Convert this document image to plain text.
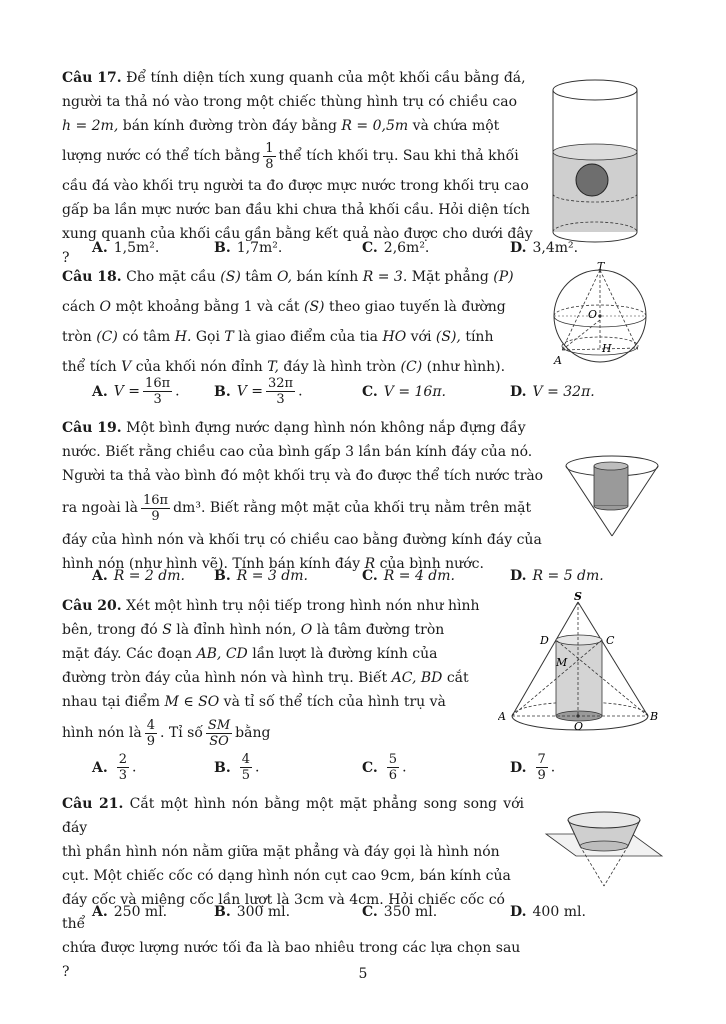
Câu 17. Để tính diện tích xung quanh của một khối cầu bằng đá,
người ta thả nó vào trong một chiếc thùng hình trụ có chiều cao
h = 2m, bán kính đường tròn đáy bằng R = 0,5m và chứa một
lượng nước có thể tích bằng $\frac{1}{8}$ thể tích khối trụ. Sau khi thả khối
cầu đá vào khối trụ người ta đo được mực nước trong khối trụ cao
gấp ba lần mực nước ban đầu khi chưa thả khối cầu. Hỏi diện tích
xung quanh của khối cầu gần bằng kết quả nào được cho dưới đây ?
A. 1,5m².	B. 1,7m².	C. 2,6m².	D. 3,4m².
Câu 18. Cho mặt cầu (S) tâm O, bán kính R = 3. Mặt phẳng (P)
cách O một khoảng bằng 1 và cắt (S) theo giao tuyến là đường
tròn (C) có tâm H. Gọi T là giao điểm của tia HO với (S), tính
thể tích V của khối nón đỉnh T, đáy là hình tròn (C) (như hình).
A. $V = \frac{16\pi}{3}$ . B. $V = \frac{32\pi}{3}$ .	C. V = 16π.	D. V = 32π.
T
O
H
A
Câu 19. Một bình đựng nước dạng hình nón không nắp đựng đầy
nước. Biết rằng chiều cao của bình gấp 3 lần bán kính đáy của nó.
Người ta thả vào bình đó một khối trụ và đo được thể tích nước trào
ra ngoài là $\frac{16\pi}{9} dm^3$. Biết rằng một mặt của khối trụ nằm trên mặt
đáy của hình nón và khối trụ có chiều cao bằng đường kính đáy của
hình nón (như hình vẽ). Tính bán kính đáy R của bình nước.
A. R = 2 dm. B. R = 3 dm.	C. R = 4 dm.	D. R = 5 dm.
Câu 20. Xét một hình trụ nội tiếp trong hình nón như hình
bên, trong đó S là đỉnh hình nón, O là tâm đường tròn
mặt đáy. Các đoạn AB, CD lần lượt là đường kính của
đường tròn đáy của hình nón và hình trụ. Biết AC, BD cắt
nhau tại điểm M ∈ SO và tỉ số thể tích của hình trụ và
hình nón là $\frac{4}{9}$ . Tỉ số $\frac{SM}{SO}$ bằng
A. $\frac{2}{3}$ .	B. $\frac{4}{5}$ .	C. $\frac{5}{6}$ .	D. $\frac{7}{9}$ .
S
D	C
M
A	B
O
Câu 21. Cắt một hình nón bằng một mặt phẳng song song với đáy
thì phần hình nón nằm giữa mặt phẳng và đáy gọi là hình nón
cụt. Một chiếc cốc có dạng hình nón cụt cao 9cm, bán kính của
đáy cốc và miệng cốc lần lượt là 3cm và 4cm. Hỏi chiếc cốc có thể
chứa được lượng nước tối đa là bao nhiêu trong các lựa chọn sau ?
A. 250 ml.	B. 300 ml.	C. 350 ml.	D. 400 ml.
5
